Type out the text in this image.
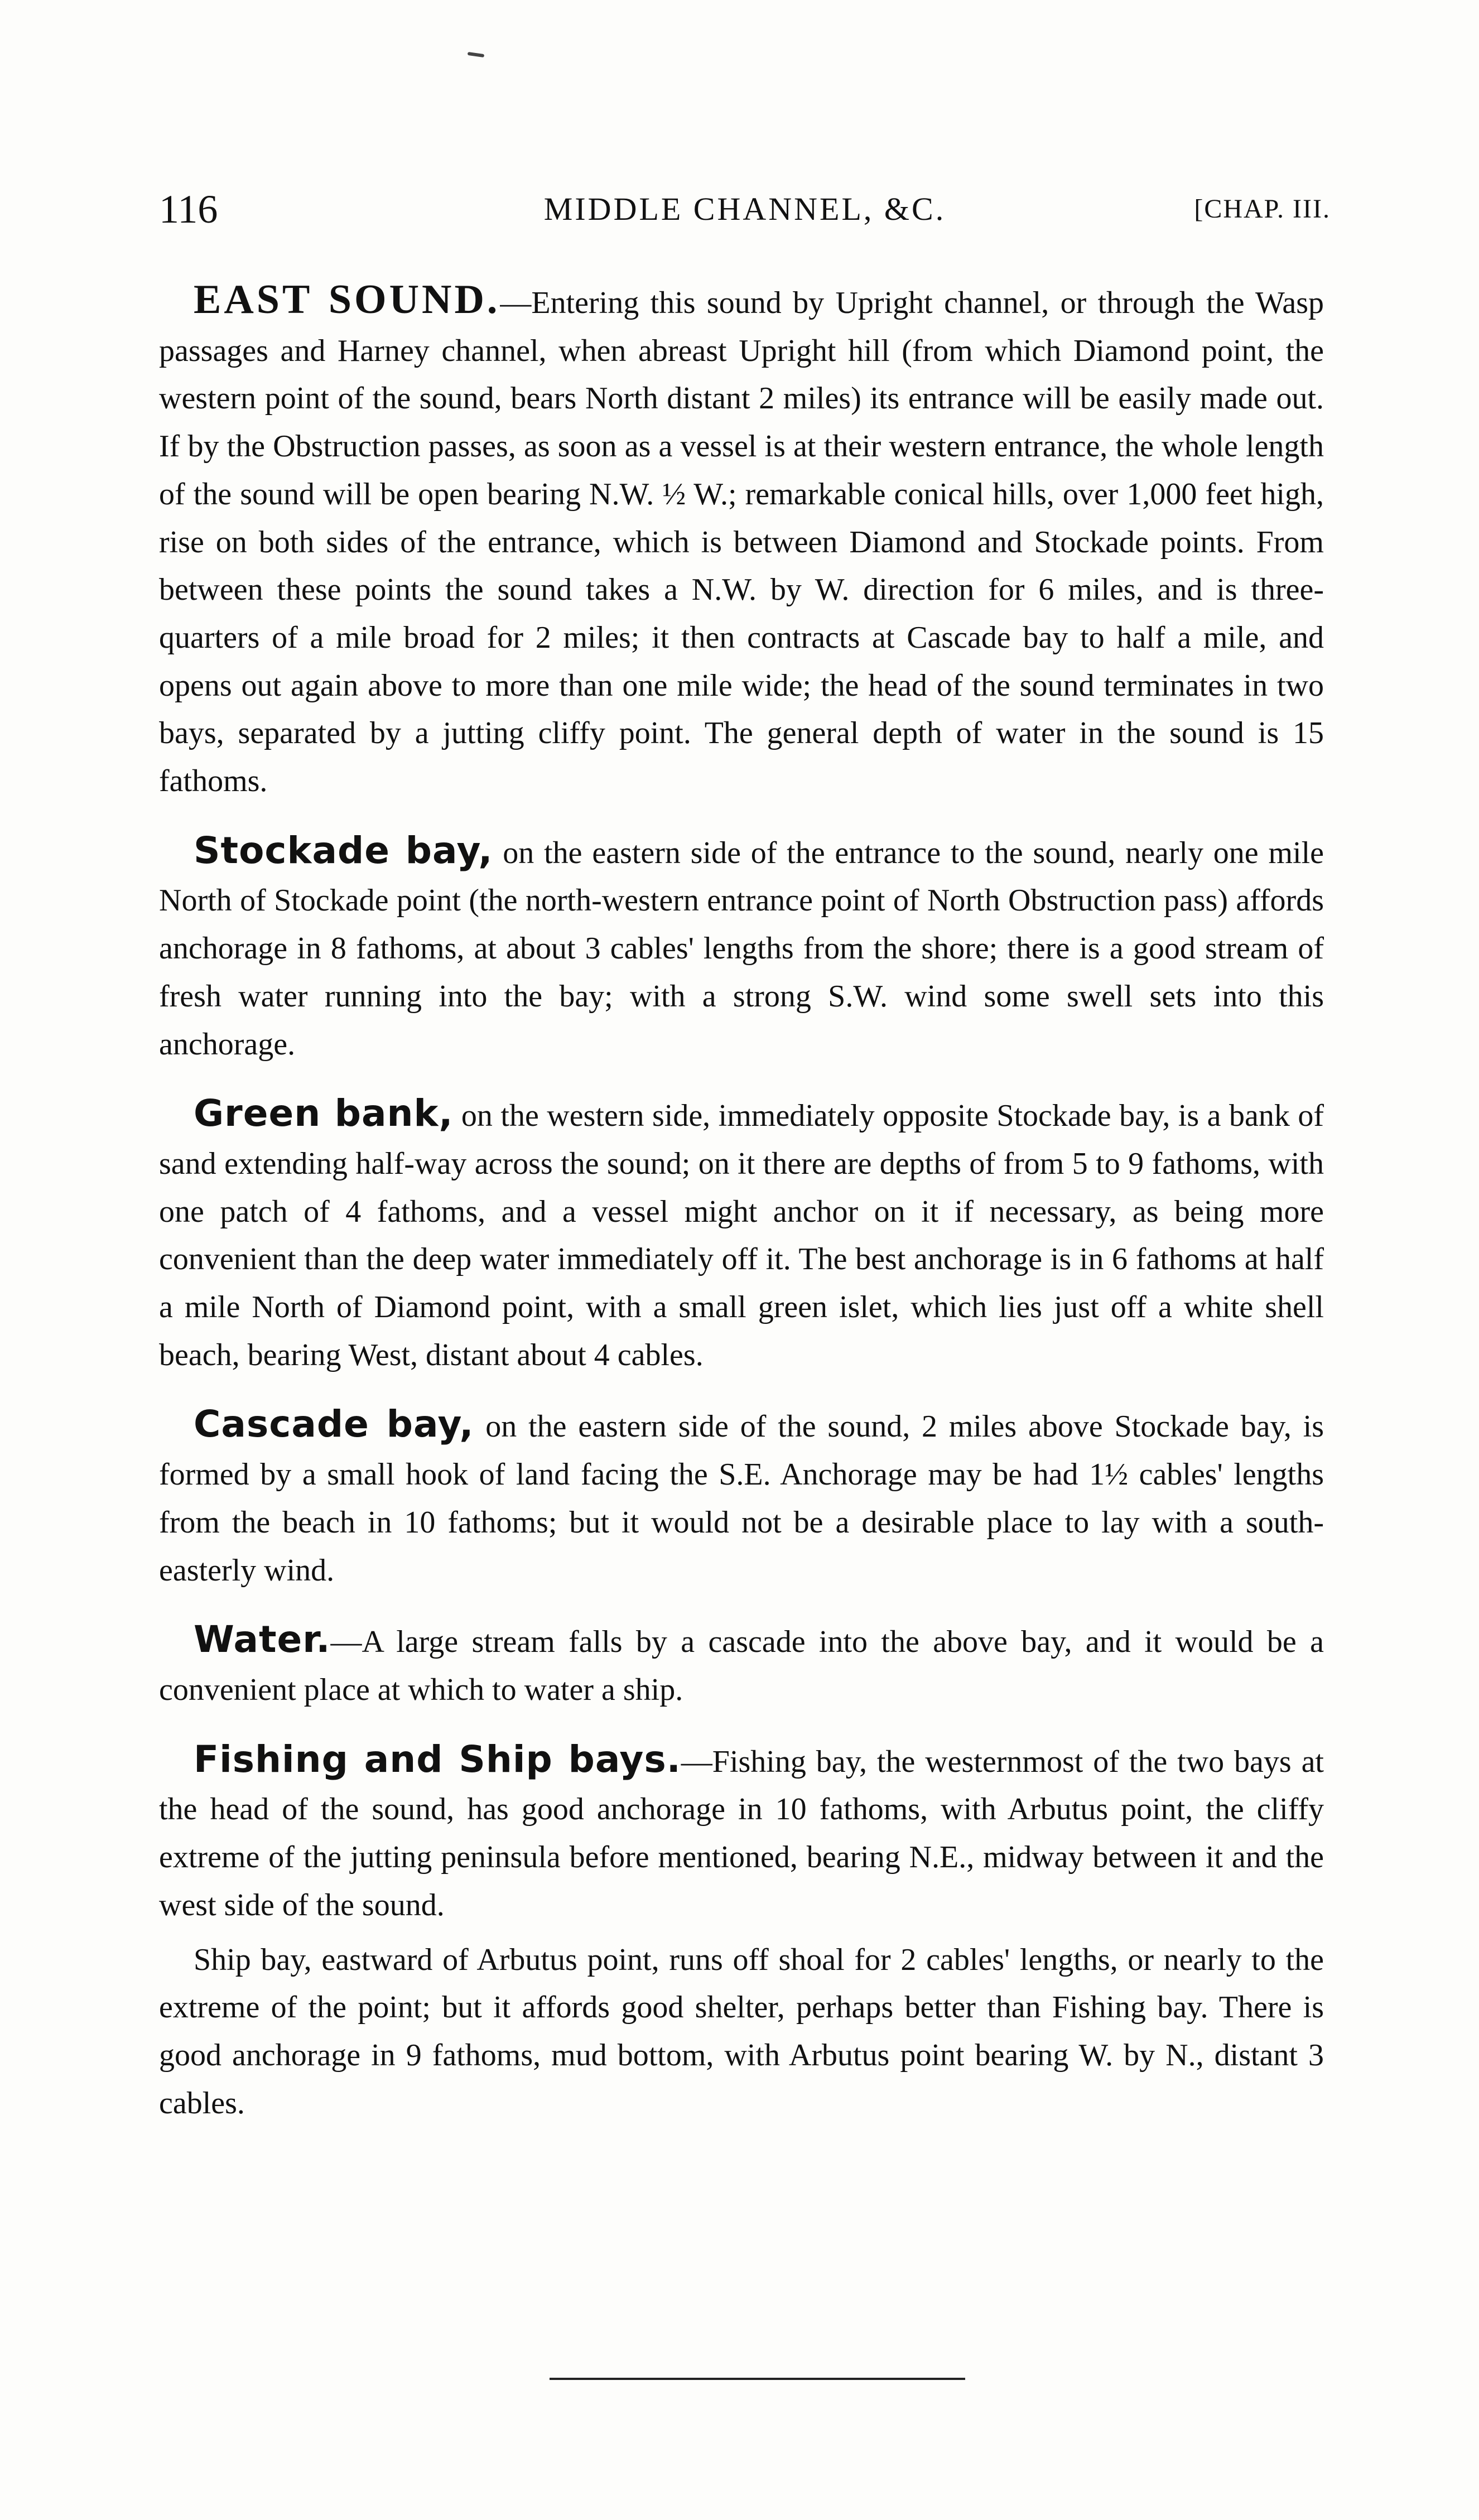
116	MIDDLE CHANNEL, &C.	[CHAP. III.

EAST SOUND.—Entering this sound by Upright channel, or through the Wasp passages and Harney channel, when abreast Upright hill (from which Diamond point, the western point of the sound, bears North distant 2 miles) its entrance will be easily made out. If by the Obstruction passes, as soon as a vessel is at their western entrance, the whole length of the sound will be open bearing N.W. ½ W.; remarkable conical hills, over 1,000 feet high, rise on both sides of the entrance, which is between Diamond and Stockade points. From between these points the sound takes a N.W. by W. direction for 6 miles, and is three-quarters of a mile broad for 2 miles; it then contracts at Cascade bay to half a mile, and opens out again above to more than one mile wide; the head of the sound terminates in two bays, separated by a jutting cliffy point. The general depth of water in the sound is 15 fathoms.

Stockade bay, on the eastern side of the entrance to the sound, nearly one mile North of Stockade point (the north-western entrance point of North Obstruction pass) affords anchorage in 8 fathoms, at about 3 cables' lengths from the shore; there is a good stream of fresh water running into the bay; with a strong S.W. wind some swell sets into this anchorage.

Green bank, on the western side, immediately opposite Stockade bay, is a bank of sand extending half-way across the sound; on it there are depths of from 5 to 9 fathoms, with one patch of 4 fathoms, and a vessel might anchor on it if necessary, as being more convenient than the deep water immediately off it. The best anchorage is in 6 fathoms at half a mile North of Diamond point, with a small green islet, which lies just off a white shell beach, bearing West, distant about 4 cables.

Cascade bay, on the eastern side of the sound, 2 miles above Stockade bay, is formed by a small hook of land facing the S.E. Anchorage may be had 1½ cables' lengths from the beach in 10 fathoms; but it would not be a desirable place to lay with a south-easterly wind.

Water.—A large stream falls by a cascade into the above bay, and it would be a convenient place at which to water a ship.

Fishing and Ship bays.—Fishing bay, the westernmost of the two bays at the head of the sound, has good anchorage in 10 fathoms, with Arbutus point, the cliffy extreme of the jutting peninsula before mentioned, bearing N.E., midway between it and the west side of the sound.

Ship bay, eastward of Arbutus point, runs off shoal for 2 cables' lengths, or nearly to the extreme of the point; but it affords good shelter, perhaps better than Fishing bay. There is good anchorage in 9 fathoms, mud bottom, with Arbutus point bearing W. by N., distant 3 cables.
